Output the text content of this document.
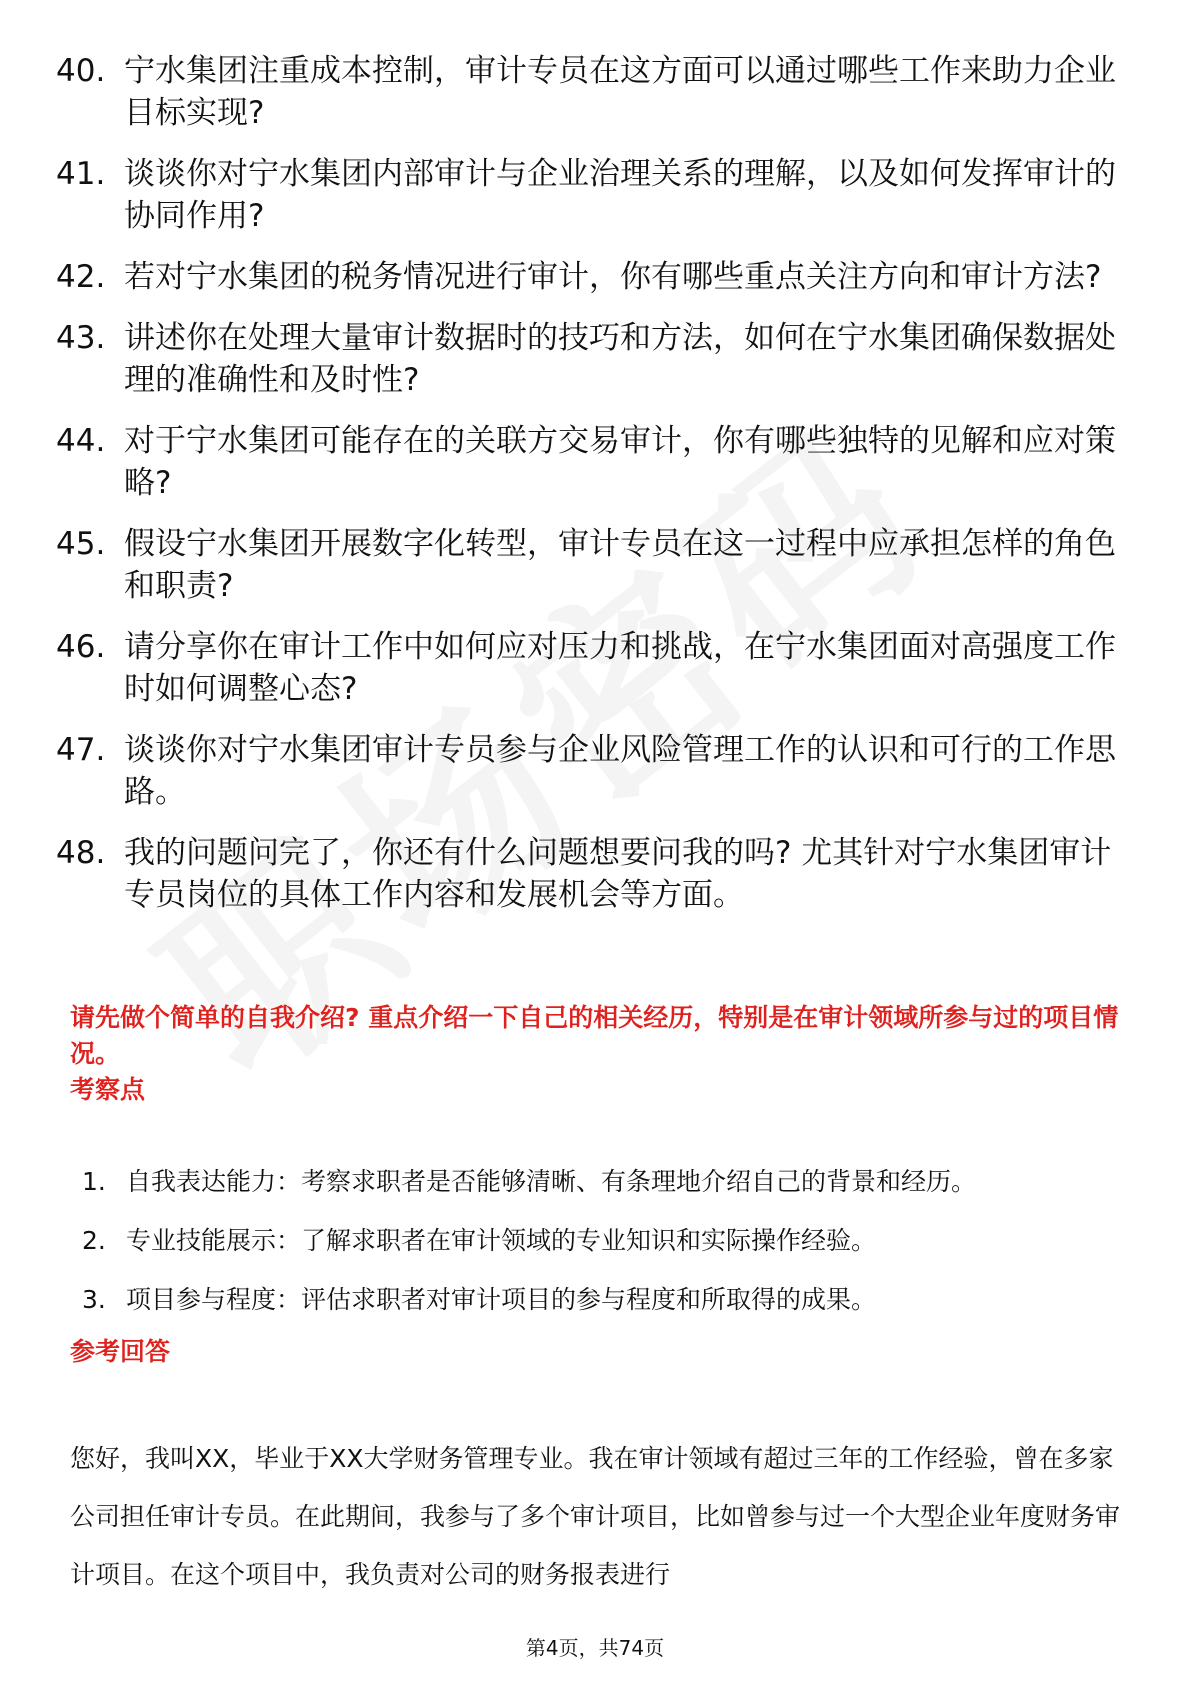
40. 宁水集团注重成本控制，审计专员在这方面可以通过哪些工作来助力企业目标实现?
41. 谈谈你对宁水集团内部审计与企业治理关系的理解，以及如何发挥审计的协同作用?
42. 若对宁水集团的税务情况进行审计，你有哪些重点关注方向和审计方法?
43. 讲述你在处理大量审计数据时的技巧和方法，如何在宁水集团确保数据处理的准确性和及时性?
44. 对于宁水集团可能存在的关联方交易审计，你有哪些独特的见解和应对策略?
45. 假设宁水集团开展数字化转型，审计专员在这一过程中应承担怎样的角色和职责?
46. 请分享你在审计工作中如何应对压力和挑战，在宁水集团面对高强度工作时如何调整心态?
47. 谈谈你对宁水集团审计专员参与企业风险管理工作的认识和可行的工作思路。
48. 我的问题问完了，你还有什么问题想要问我的吗? 尤其针对宁水集团审计专员岗位的具体工作内容和发展机会等方面。
请先做个简单的自我介绍? 重点介绍一下自己的相关经历，特别是在审计领域所参与过的项目情况。
考察点
1. 自我表达能力：考察求职者是否能够清晰、有条理地介绍自己的背景和经历。
2. 专业技能展示：了解求职者在审计领域的专业知识和实际操作经验。
3. 项目参与程度：评估求职者对审计项目的参与程度和所取得的成果。
参考回答

您好，我叫XX，毕业于XX大学财务管理专业。我在审计领域有超过三年的工作经验，曾在多家公司担任审计专员。在此期间，我参与了多个审计项目，比如曾参与过一个大型企业年度财务审计项目。在这个项目中，我负责对公司的财务报表进行

第4页，共74页
